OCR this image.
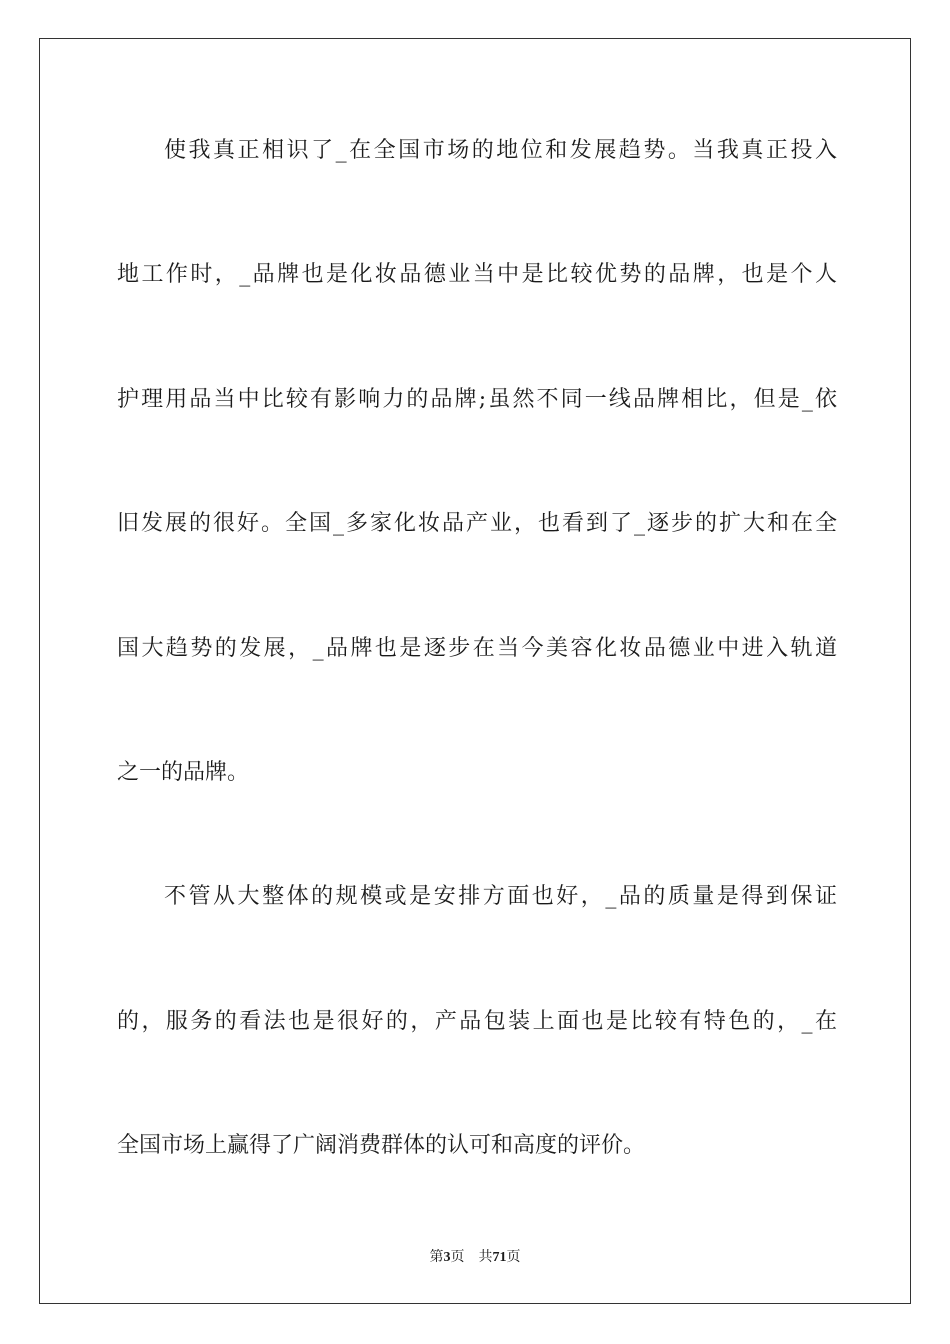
使我真正相识了_在全国市场的地位和发展趋势。当我真正投入
地工作时，_品牌也是化妆品德业当中是比较优势的品牌，也是个人
护理用品当中比较有影响力的品牌;虽然不同一线品牌相比，但是_依
旧发展的很好。全国_多家化妆品产业，也看到了_逐步的扩大和在全
国大趋势的发展，_品牌也是逐步在当今美容化妆品德业中进入轨道
之一的品牌。
不管从大整体的规模或是安排方面也好，_品的质量是得到保证
的，服务的看法也是很好的，产品包装上面也是比较有特色的，_在
全国市场上赢得了广阔消费群体的认可和高度的评价。
第3页 共71页
